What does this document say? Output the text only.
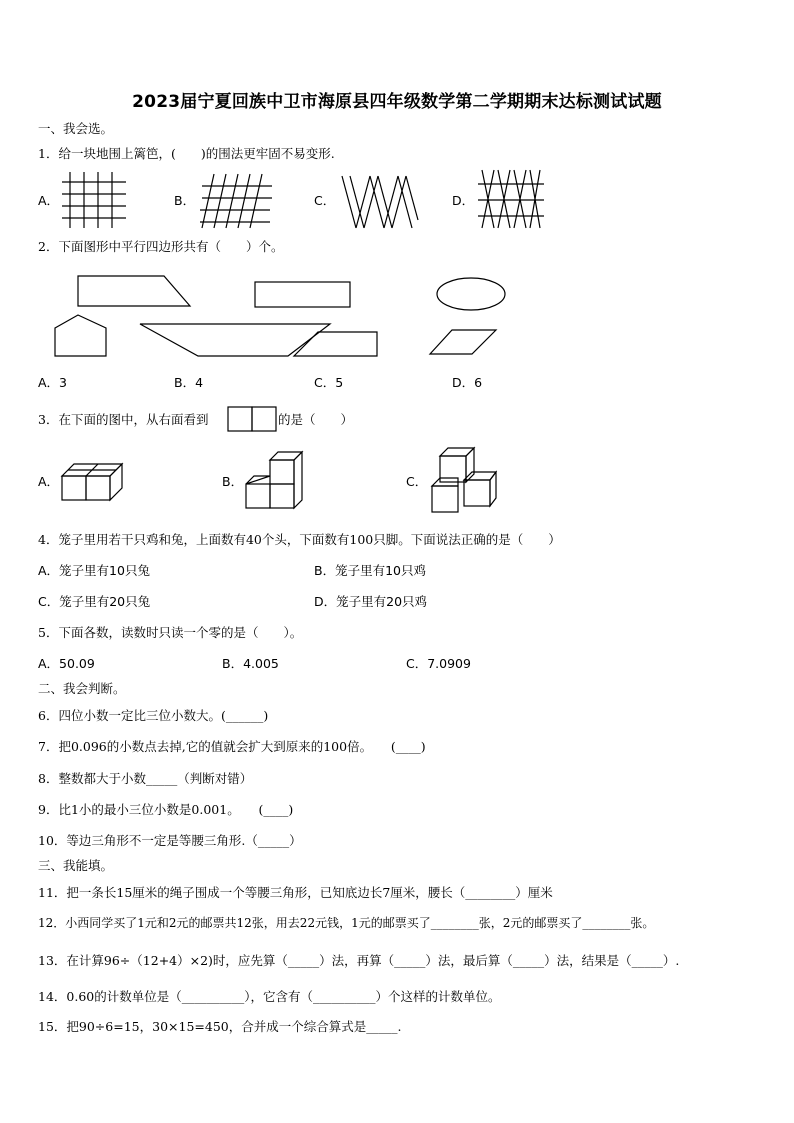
2023届宁夏回族中卫市海原县四年级数学第二学期期末达标测试试题
一、我会选。
1．给一块地围上篱笆，(　　)的围法更牢固不易变形.
A．	B．	C．	D．
2．下面图形中平行四边形共有（　　）个。
A．3	B．4	C．5	D．6
3．在下面的图中，从右面看到	的是（　　）
A．	B．	C．
4．笼子里用若干只鸡和兔，上面数有40个头，下面数有100只脚。下面说法正确的是（　　）
A．笼子里有10只兔	B．笼子里有10只鸡
C．笼子里有20只兔	D．笼子里有20只鸡
5．下面各数，读数时只读一个零的是（　　）。
A．50.09	B．4.005	C．7.0909
二、我会判断。
6．四位小数一定比三位小数大。(______)
7．把0.096的小数点去掉,它的值就会扩大到原来的100倍。　　(____)
8．整数都大于小数_____（判断对错）
9．比1小的最小三位小数是0.001。　　(____)
10．等边三角形不一定是等腰三角形.（_____）
三、我能填。
11．把一条长15厘米的绳子围成一个等腰三角形，已知底边长7厘米，腰长（________）厘米
12．小西同学买了1元和2元的邮票共12张，用去22元钱，1元的邮票买了________张，2元的邮票买了________张。
13．在计算96÷（12+4）×2)时，应先算（_____）法，再算（_____）法，最后算（_____）法，结果是（_____）.
14．0.60的计数单位是（__________），它含有（__________）个这样的计数单位。
15．把90÷6=15，30×15=450，合并成一个综合算式是_____.
